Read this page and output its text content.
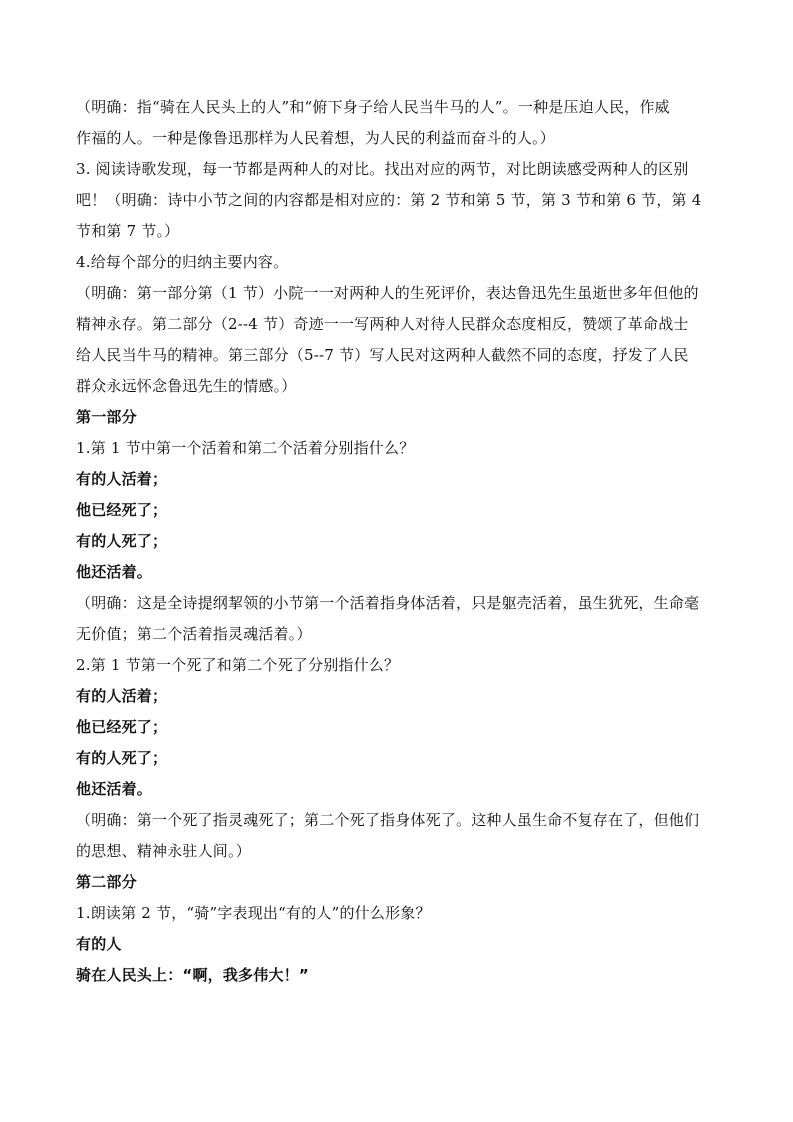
（明确：指“骑在人民头上的人”和“俯下身子给人民当牛马的人”。一种是压迫人民，作威
作福的人。一种是像鲁迅那样为人民着想，为人民的利益而奋斗的人。）
3. 阅读诗歌发现，每一节都是两种人的对比。找出对应的两节，对比朗读感受两种人的区别
吧！（明确：诗中小节之间的内容都是相对应的：第 2 节和第 5 节，第 3 节和第 6 节，第 4
节和第 7 节。）
4.给每个部分的归纳主要内容。
（明确：第一部分第（1 节）小院一一对两种人的生死评价，表达鲁迅先生虽逝世多年但他的
精神永存。第二部分（2--4 节）奇迹一一写两种人对待人民群众态度相反，赞颂了革命战士
给人民当牛马的精神。第三部分（5--7 节）写人民对这两种人截然不同的态度，抒发了人民
群众永远怀念鲁迅先生的情感。）
第一部分
1.第 1 节中第一个活着和第二个活着分别指什么？
有的人活着；
他已经死了；
有的人死了；
他还活着。
（明确：这是全诗提纲挈领的小节第一个活着指身体活着，只是躯壳活着，虽生犹死，生命毫
无价值；第二个活着指灵魂活着。）
2.第 1 节第一个死了和第二个死了分别指什么？
有的人活着；
他已经死了；
有的人死了；
他还活着。
（明确：第一个死了指灵魂死了；第二个死了指身体死了。这种人虽生命不复存在了，但他们
的思想、精神永驻人间。）
第二部分
1.朗读第 2 节，“骑”字表现出“有的人”的什么形象？
有的人
骑在人民头上：“啊，我多伟大！”
